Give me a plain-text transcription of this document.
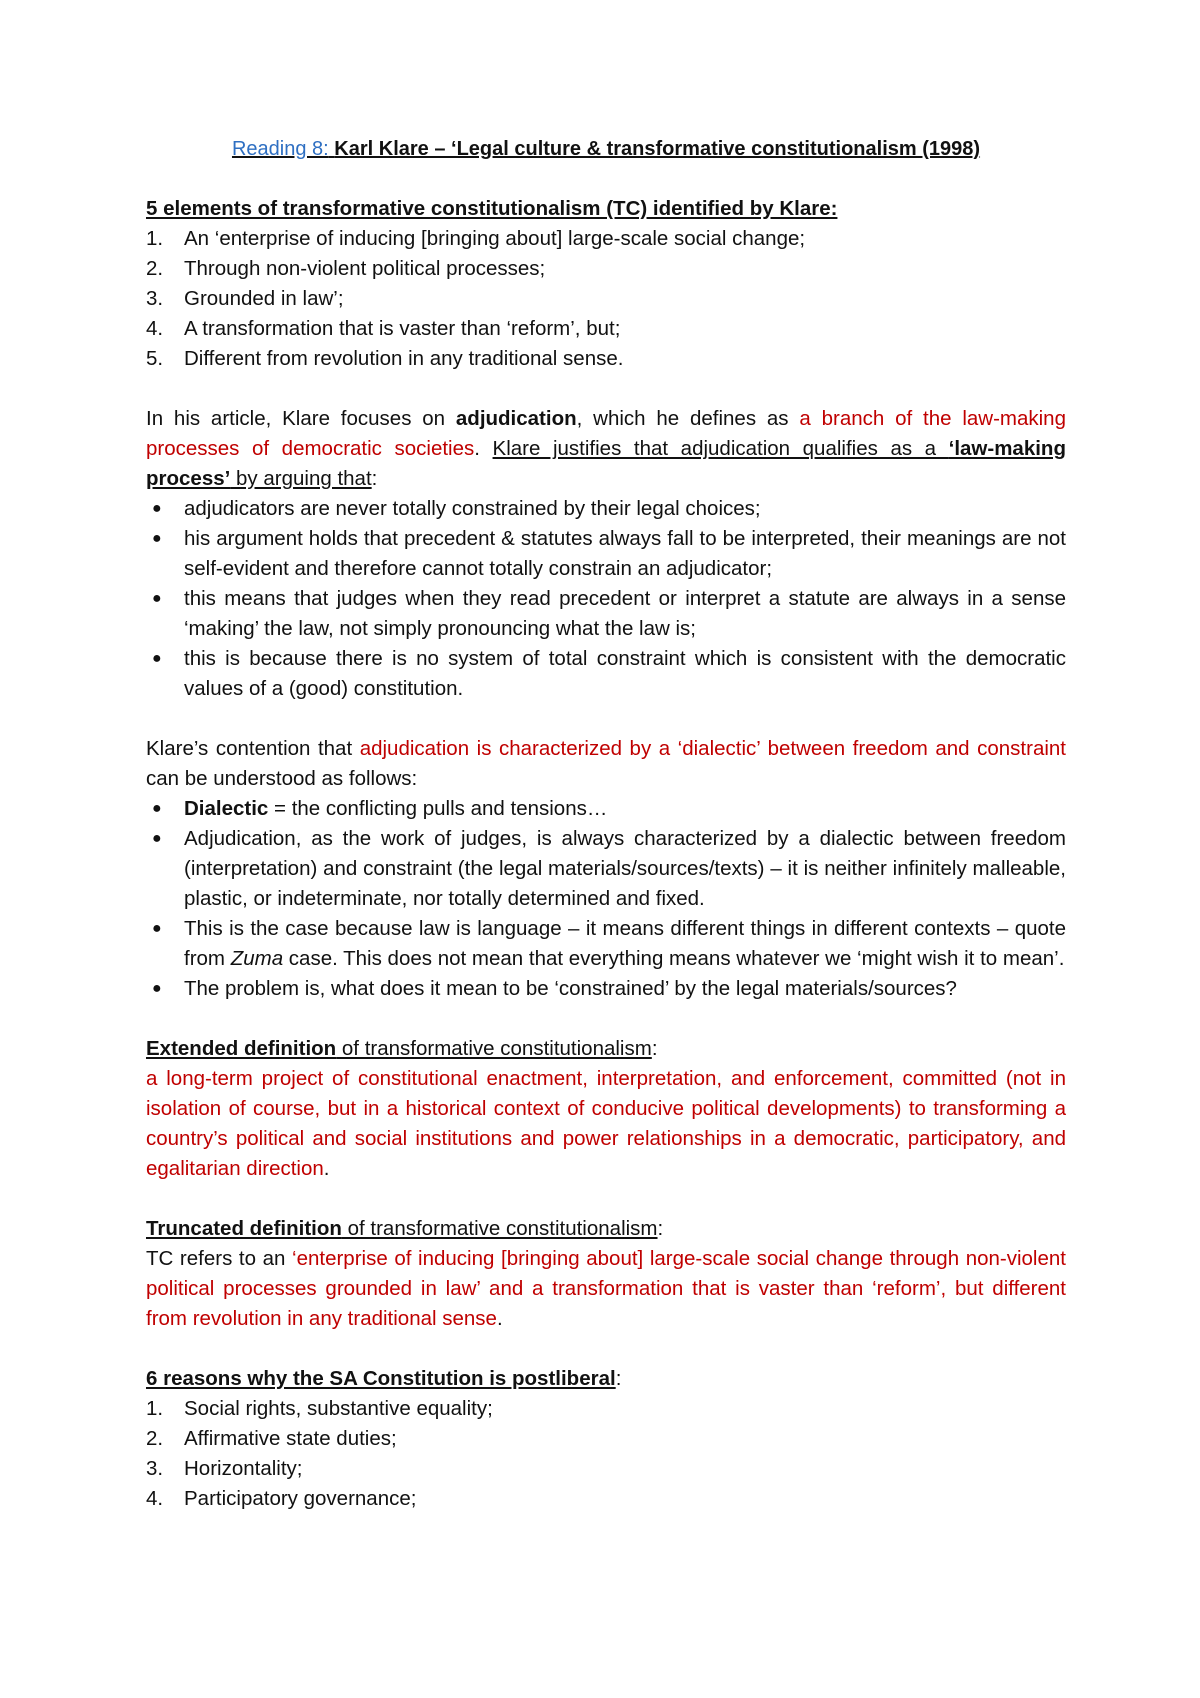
Reading 8: Karl Klare – ‘Legal culture & transformative constitutionalism (1998)

5 elements of transformative constitutionalism (TC) identified by Klare:

1.	An ‘enterprise of inducing [bringing about] large-scale social change;
2.	Through non-violent political processes;
3.	Grounded in law’;
4.	A transformation that is vaster than ‘reform’, but;
5.	Different from revolution in any traditional sense.

In his article, Klare focuses on adjudication, which he defines as a branch of the law-making processes of democratic societies. Klare justifies that adjudication qualifies as a ‘law-making process’ by arguing that:

● adjudicators are never totally constrained by their legal choices;
● his argument holds that precedent & statutes always fall to be interpreted, their meanings are not self-evident and therefore cannot totally constrain an adjudicator;
● this means that judges when they read precedent or interpret a statute are always in a sense ‘making’ the law, not simply pronouncing what the law is;
● this is because there is no system of total constraint which is consistent with the democratic values of a (good) constitution.

Klare’s contention that adjudication is characterized by a ‘dialectic’ between freedom and constraint can be understood as follows:

● Dialectic = the conflicting pulls and tensions…
● Adjudication, as the work of judges, is always characterized by a dialectic between freedom (interpretation) and constraint (the legal materials/sources/texts) – it is neither infinitely malleable, plastic, or indeterminate, nor totally determined and fixed.
● This is the case because law is language – it means different things in different contexts – quote from Zuma case. This does not mean that everything means whatever we ‘might wish it to mean’.
● The problem is, what does it mean to be ‘constrained’ by the legal materials/sources?

Extended definition of transformative constitutionalism:

a long-term project of constitutional enactment, interpretation, and enforcement, committed (not in isolation of course, but in a historical context of conducive political developments) to transforming a country’s political and social institutions and power relationships in a democratic, participatory, and egalitarian direction.

Truncated definition of transformative constitutionalism:

TC refers to an ‘enterprise of inducing [bringing about] large-scale social change through non-violent political processes grounded in law’ and a transformation that is vaster than ‘reform’, but different from revolution in any traditional sense.

6 reasons why the SA Constitution is postliberal:

1.	Social rights, substantive equality;
2.	Affirmative state duties;
3.	Horizontality;
4.	Participatory governance;
